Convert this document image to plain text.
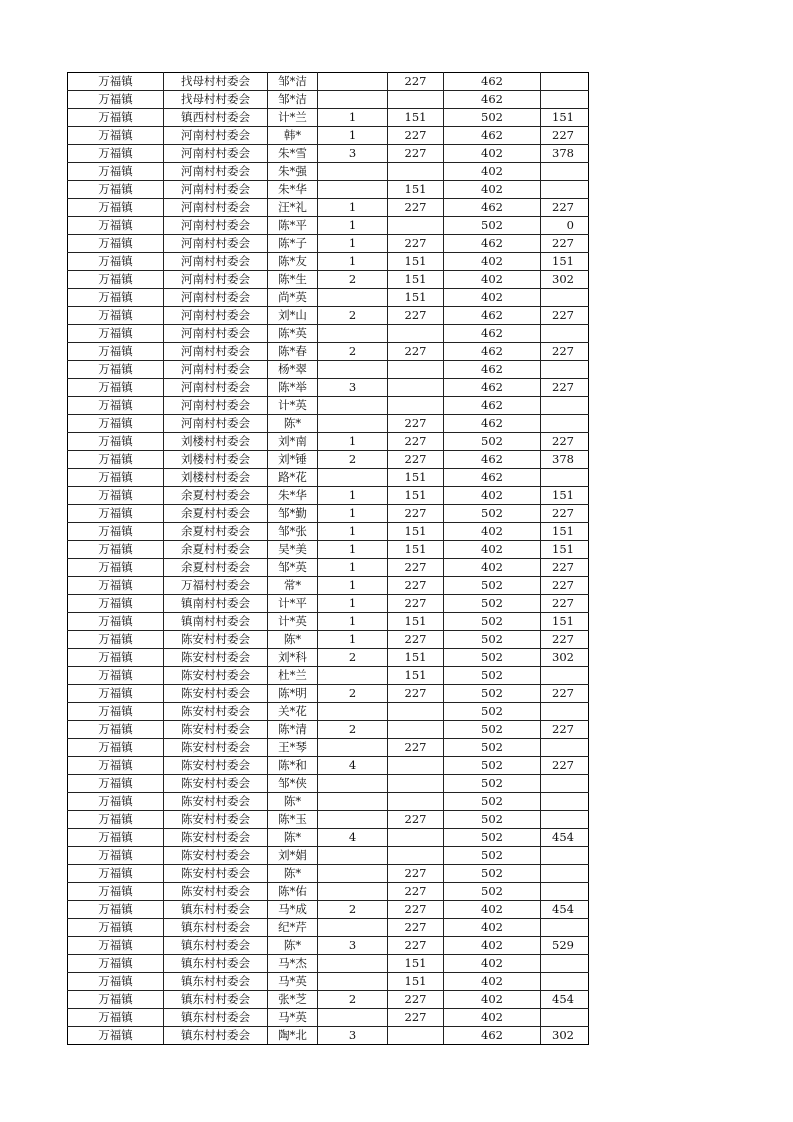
万福镇	找母村村委会	邹*洁		227	462	
万福镇	找母村村委会	邹*洁			462	
万福镇	镇西村村委会	计*兰	1	151	502	151
万福镇	河南村村委会	韩*	1	227	462	227
万福镇	河南村村委会	朱*雪	3	227	402	378
万福镇	河南村村委会	朱*强			402	
万福镇	河南村村委会	朱*华		151	402	
万福镇	河南村村委会	汪*礼	1	227	462	227
万福镇	河南村村委会	陈*平	1		502	0
万福镇	河南村村委会	陈*子	1	227	462	227
万福镇	河南村村委会	陈*友	1	151	402	151
万福镇	河南村村委会	陈*生	2	151	402	302
万福镇	河南村村委会	尚*英		151	402	
万福镇	河南村村委会	刘*山	2	227	462	227
万福镇	河南村村委会	陈*英			462	
万福镇	河南村村委会	陈*春	2	227	462	227
万福镇	河南村村委会	杨*翠			462	
万福镇	河南村村委会	陈*举	3		462	227
万福镇	河南村村委会	计*英			462	
万福镇	河南村村委会	陈*		227	462	
万福镇	刘楼村村委会	刘*南	1	227	502	227
万福镇	刘楼村村委会	刘*锤	2	227	462	378
万福镇	刘楼村村委会	路*花		151	462	
万福镇	余夏村村委会	朱*华	1	151	402	151
万福镇	余夏村村委会	邹*勤	1	227	502	227
万福镇	余夏村村委会	邹*张	1	151	402	151
万福镇	余夏村村委会	吴*美	1	151	402	151
万福镇	余夏村村委会	邹*英	1	227	402	227
万福镇	万福村村委会	常*	1	227	502	227
万福镇	镇南村村委会	计*平	1	227	502	227
万福镇	镇南村村委会	计*英	1	151	502	151
万福镇	陈安村村委会	陈*	1	227	502	227
万福镇	陈安村村委会	刘*科	2	151	502	302
万福镇	陈安村村委会	杜*兰		151	502	
万福镇	陈安村村委会	陈*明	2	227	502	227
万福镇	陈安村村委会	关*花			502	
万福镇	陈安村村委会	陈*清	2		502	227
万福镇	陈安村村委会	王*琴		227	502	
万福镇	陈安村村委会	陈*和	4		502	227
万福镇	陈安村村委会	邹*侠			502	
万福镇	陈安村村委会	陈*			502	
万福镇	陈安村村委会	陈*玉		227	502	
万福镇	陈安村村委会	陈*	4		502	454
万福镇	陈安村村委会	刘*娟			502	
万福镇	陈安村村委会	陈*		227	502	
万福镇	陈安村村委会	陈*佑		227	502	
万福镇	镇东村村委会	马*成	2	227	402	454
万福镇	镇东村村委会	纪*芹		227	402	
万福镇	镇东村村委会	陈*	3	227	402	529
万福镇	镇东村村委会	马*杰		151	402	
万福镇	镇东村村委会	马*英		151	402	
万福镇	镇东村村委会	张*芝	2	227	402	454
万福镇	镇东村村委会	马*英		227	402	
万福镇	镇东村村委会	陶*北	3		462	302
